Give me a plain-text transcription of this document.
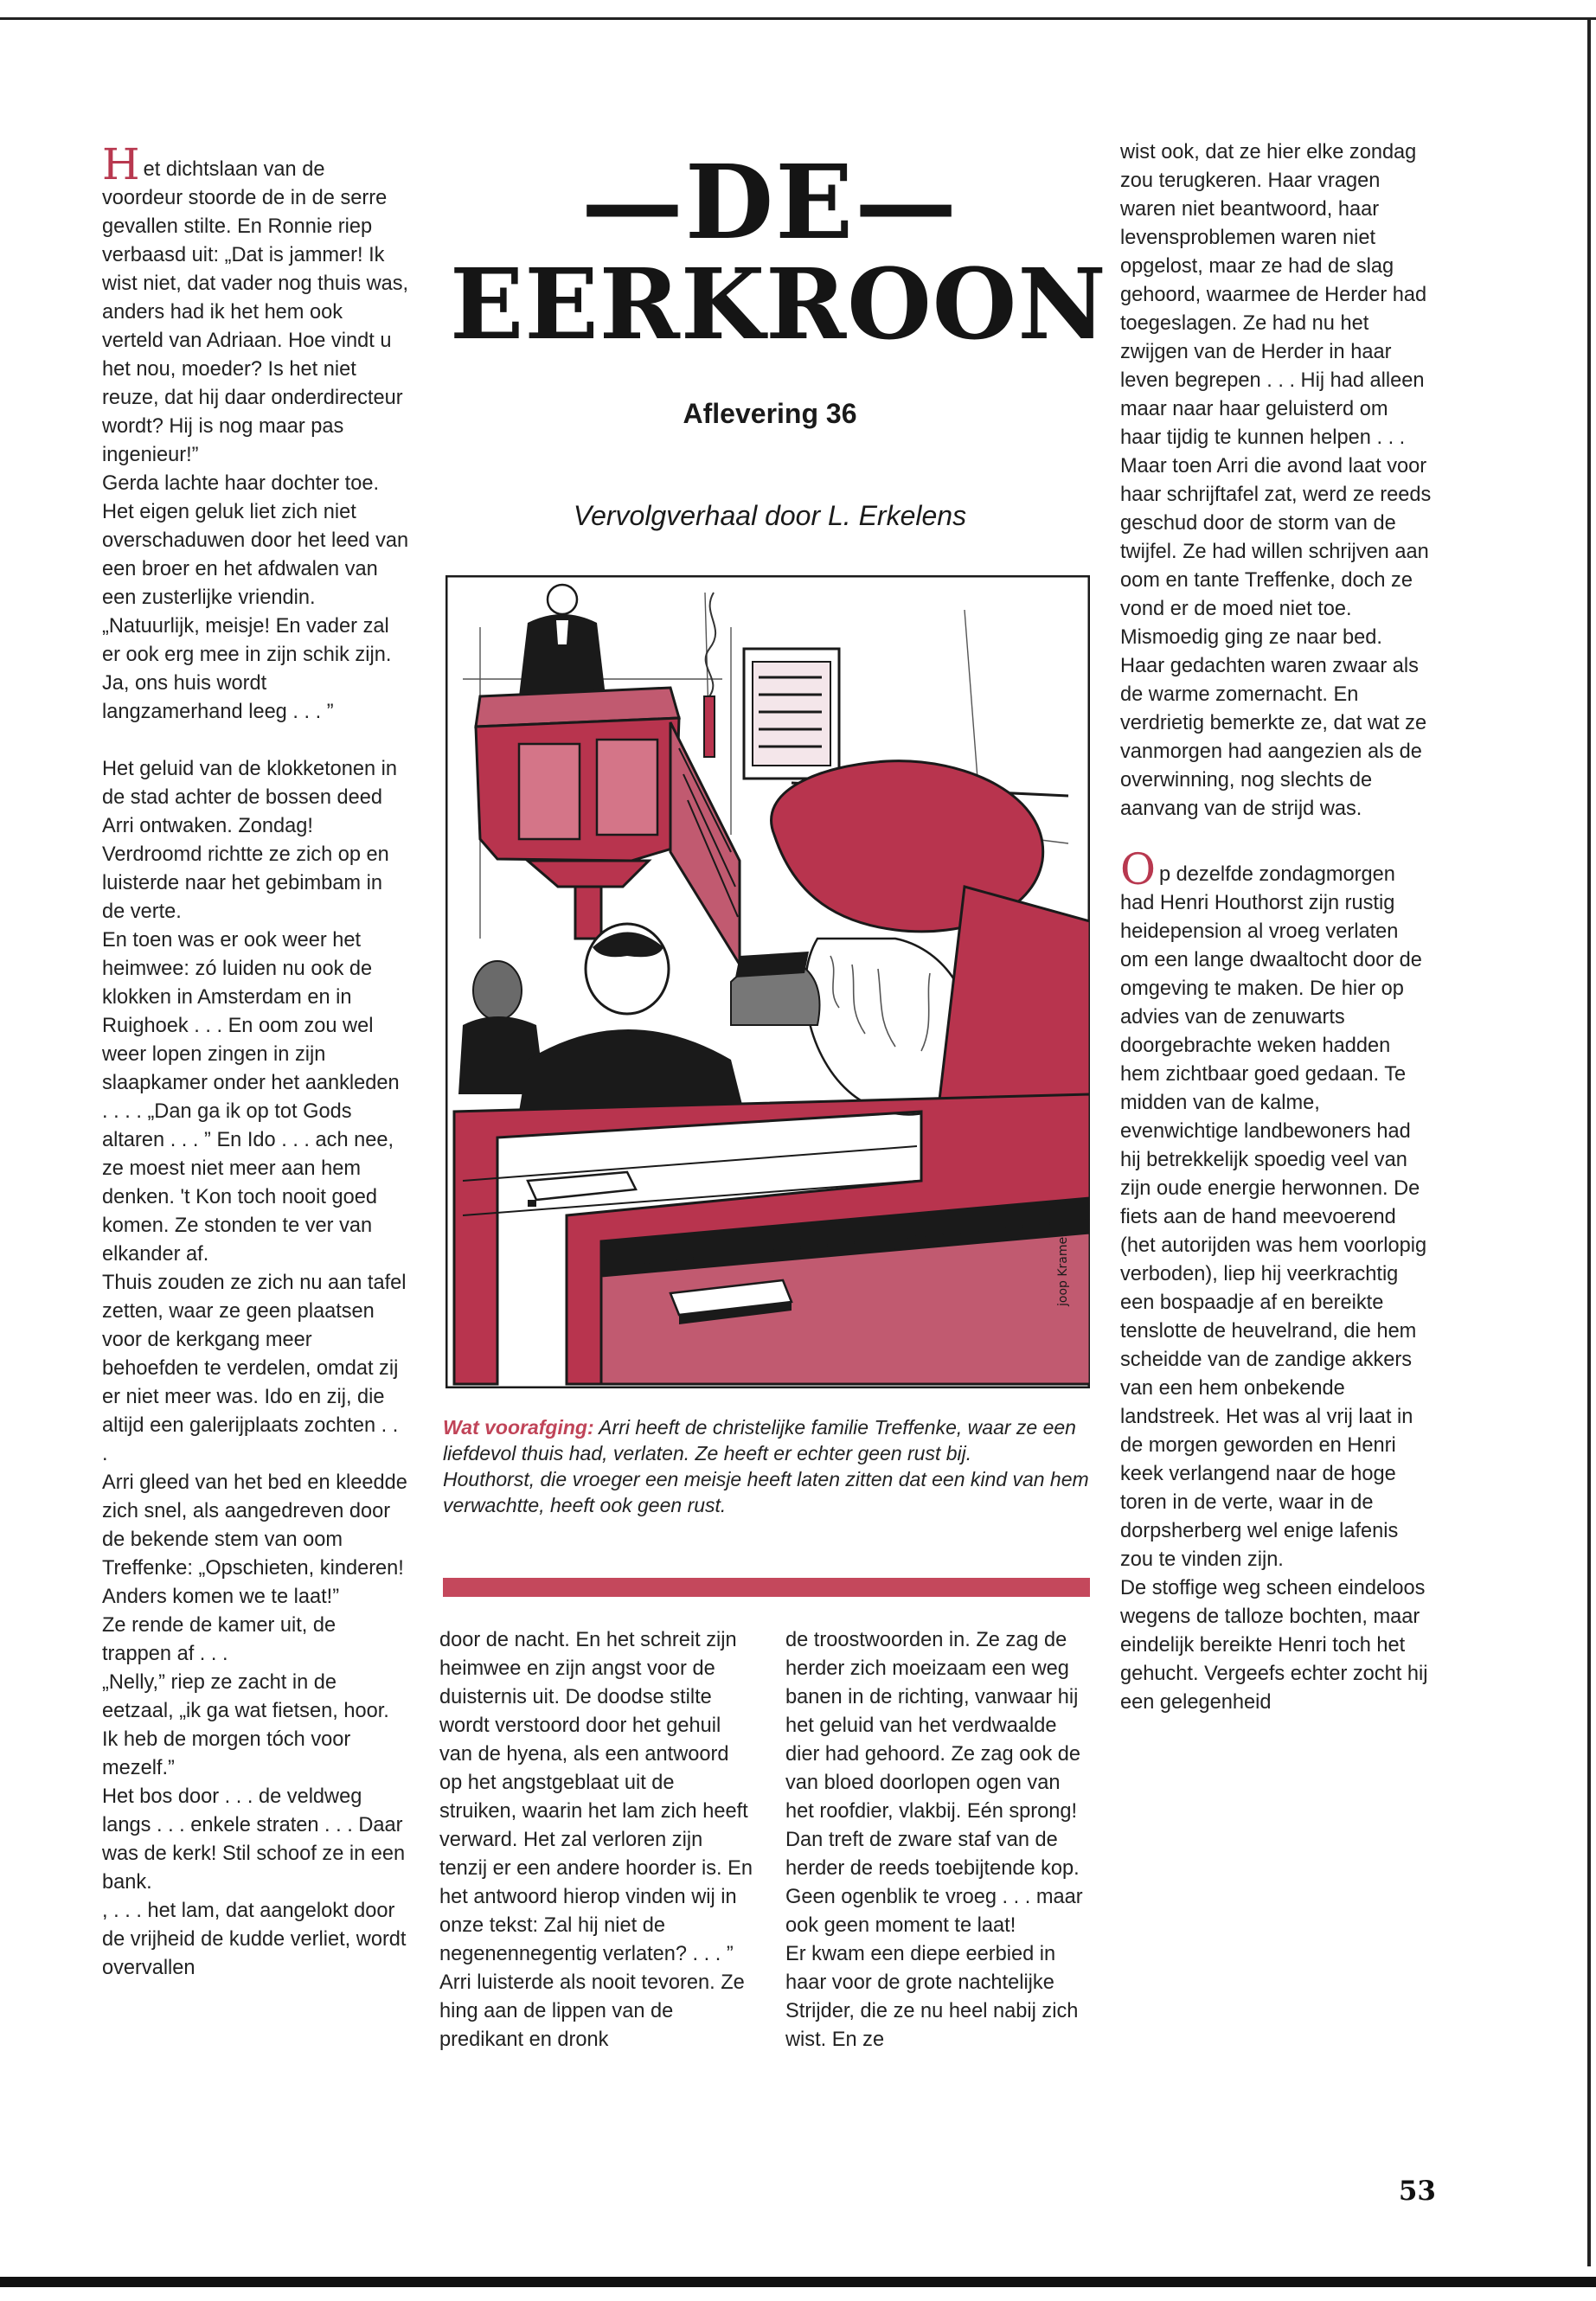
Het dichtslaan van de voordeur stoorde de in de serre gevallen stilte. En Ronnie riep verbaasd uit: „Dat is jammer! Ik wist niet, dat vader nog thuis was, anders had ik het hem ook verteld van Adriaan. Hoe vindt u het nou, moeder? Is het niet reuze, dat hij daar onderdirecteur wordt? Hij is nog maar pas ingenieur!”

Gerda lachte haar dochter toe. Het eigen geluk liet zich niet overschaduwen door het leed van een broer en het afdwalen van een zusterlijke vriendin. „Natuurlijk, meisje! En vader zal er ook erg mee in zijn schik zijn. Ja, ons huis wordt langzamerhand leeg . . . ”

Het geluid van de klokketonen in de stad achter de bossen deed Arri ontwaken. Zondag! Verdroomd richtte ze zich op en luisterde naar het gebimbam in de verte.

En toen was er ook weer het heimwee: zó luiden nu ook de klokken in Amsterdam en in Ruighoek . . . En oom zou wel weer lopen zingen in zijn slaapkamer onder het aankleden . . . . „Dan ga ik op tot Gods altaren . . . ” En Ido . . . ach nee, ze moest niet meer aan hem denken. 't Kon toch nooit goed komen. Ze stonden te ver van elkander af.

Thuis zouden ze zich nu aan tafel zetten, waar ze geen plaatsen voor de kerkgang meer behoefden te verdelen, omdat zij er niet meer was. Ido en zij, die altijd een galerijplaats zochten . . .

Arri gleed van het bed en kleedde zich snel, als aangedreven door de bekende stem van oom Treffenke: „Opschieten, kinderen! Anders komen we te laat!”

Ze rende de kamer uit, de trappen af . . .

„Nelly,” riep ze zacht in de eetzaal, „ik ga wat fietsen, hoor. Ik heb de morgen tóch voor mezelf.”

Het bos door . . . de veldweg langs . . . enkele straten . . . Daar was de kerk! Stil schoof ze in een bank.

, . . . het lam, dat aangelokt door de vrijheid de kudde verliet, wordt overvallen

—DE—
EERKROON
Aflevering 36
Vervolgverhaal door L. Erkelens
joop Kramer

Wat voorafging: Arri heeft de christelijke familie Treffenke, waar ze een liefdevol thuis had, verlaten. Ze heeft er echter geen rust bij.

Houthorst, die vroeger een meisje heeft laten zitten dat een kind van hem verwachtte, heeft ook geen rust.

door de nacht. En het schreit zijn heimwee en zijn angst voor de duisternis uit. De doodse stilte wordt verstoord door het gehuil van de hyena, als een antwoord op het angstgeblaat uit de struiken, waarin het lam zich heeft verward. Het zal verloren zijn tenzij er een andere hoorder is. En het antwoord hierop vinden wij in onze tekst: Zal hij niet de negenennegentig verlaten? . . . ”

Arri luisterde als nooit tevoren. Ze hing aan de lippen van de predikant en dronk

de troostwoorden in. Ze zag de herder zich moeizaam een weg banen in de richting, vanwaar hij het geluid van het verdwaalde dier had gehoord. Ze zag ook de van bloed doorlopen ogen van het roofdier, vlakbij. Eén sprong! Dan treft de zware staf van de herder de reeds toebijtende kop.

Geen ogenblik te vroeg . . . maar ook geen moment te laat!

Er kwam een diepe eerbied in haar voor de grote nachtelijke Strijder, die ze nu heel nabij zich wist. En ze

wist ook, dat ze hier elke zondag zou terugkeren. Haar vragen waren niet beantwoord, haar levensproblemen waren niet opgelost, maar ze had de slag gehoord, waarmee de Herder had toegeslagen. Ze had nu het zwijgen van de Herder in haar leven begrepen . . . Hij had alleen maar naar haar geluisterd om haar tijdig te kunnen helpen . . .

Maar toen Arri die avond laat voor haar schrijftafel zat, werd ze reeds geschud door de storm van de twijfel. Ze had willen schrijven aan oom en tante Treffenke, doch ze vond er de moed niet toe.

Mismoedig ging ze naar bed. Haar gedachten waren zwaar als de warme zomernacht. En verdrietig bemerkte ze, dat wat ze vanmorgen had aangezien als de overwinning, nog slechts de aanvang van de strijd was.

Op dezelfde zondagmorgen had Henri Houthorst zijn rustig heidepension al vroeg verlaten om een lange dwaaltocht door de omgeving te maken. De hier op advies van de zenuwarts doorgebrachte weken hadden hem zichtbaar goed gedaan. Te midden van de kalme, evenwichtige landbewoners had hij betrekkelijk spoedig veel van zijn oude energie herwonnen. De fiets aan de hand meevoerend (het autorijden was hem voorlopig verboden), liep hij veerkrachtig een bospaadje af en bereikte tenslotte de heuvelrand, die hem scheidde van de zandige akkers van een hem onbekende landstreek. Het was al vrij laat in de morgen geworden en Henri keek verlangend naar de hoge toren in de verte, waar in de dorpsherberg wel enige lafenis zou te vinden zijn.

De stoffige weg scheen eindeloos wegens de talloze bochten, maar eindelijk bereikte Henri toch het gehucht. Vergeefs echter zocht hij een gelegenheid

53
